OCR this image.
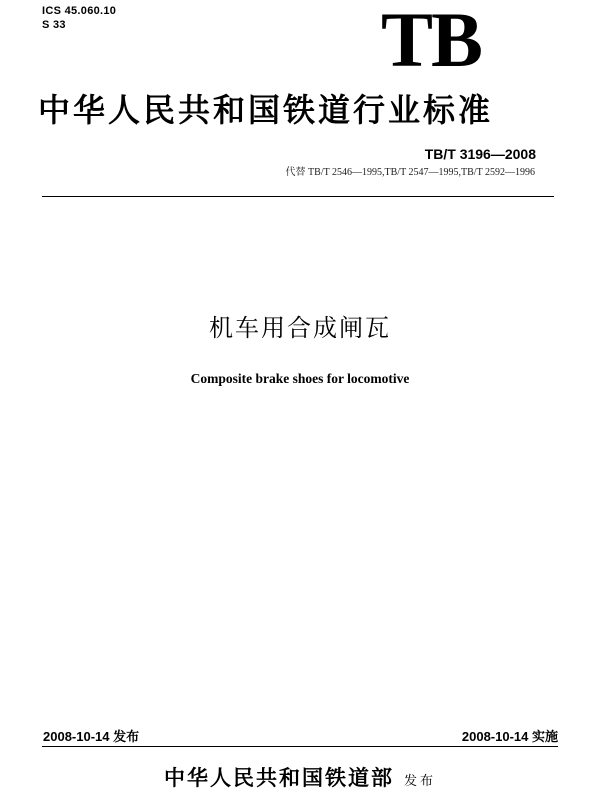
ICS 45.060.10
S 33	TB
中华人民共和国铁道行业标准
TB/T 3196—2008
代替 TB/T 2546—1995,TB/T 2547—1995,TB/T 2592—1996
机车用合成闸瓦
Composite brake shoes for locomotive
2008-10-14 发布	2008-10-14 实施
中华人民共和国铁道部 发布
